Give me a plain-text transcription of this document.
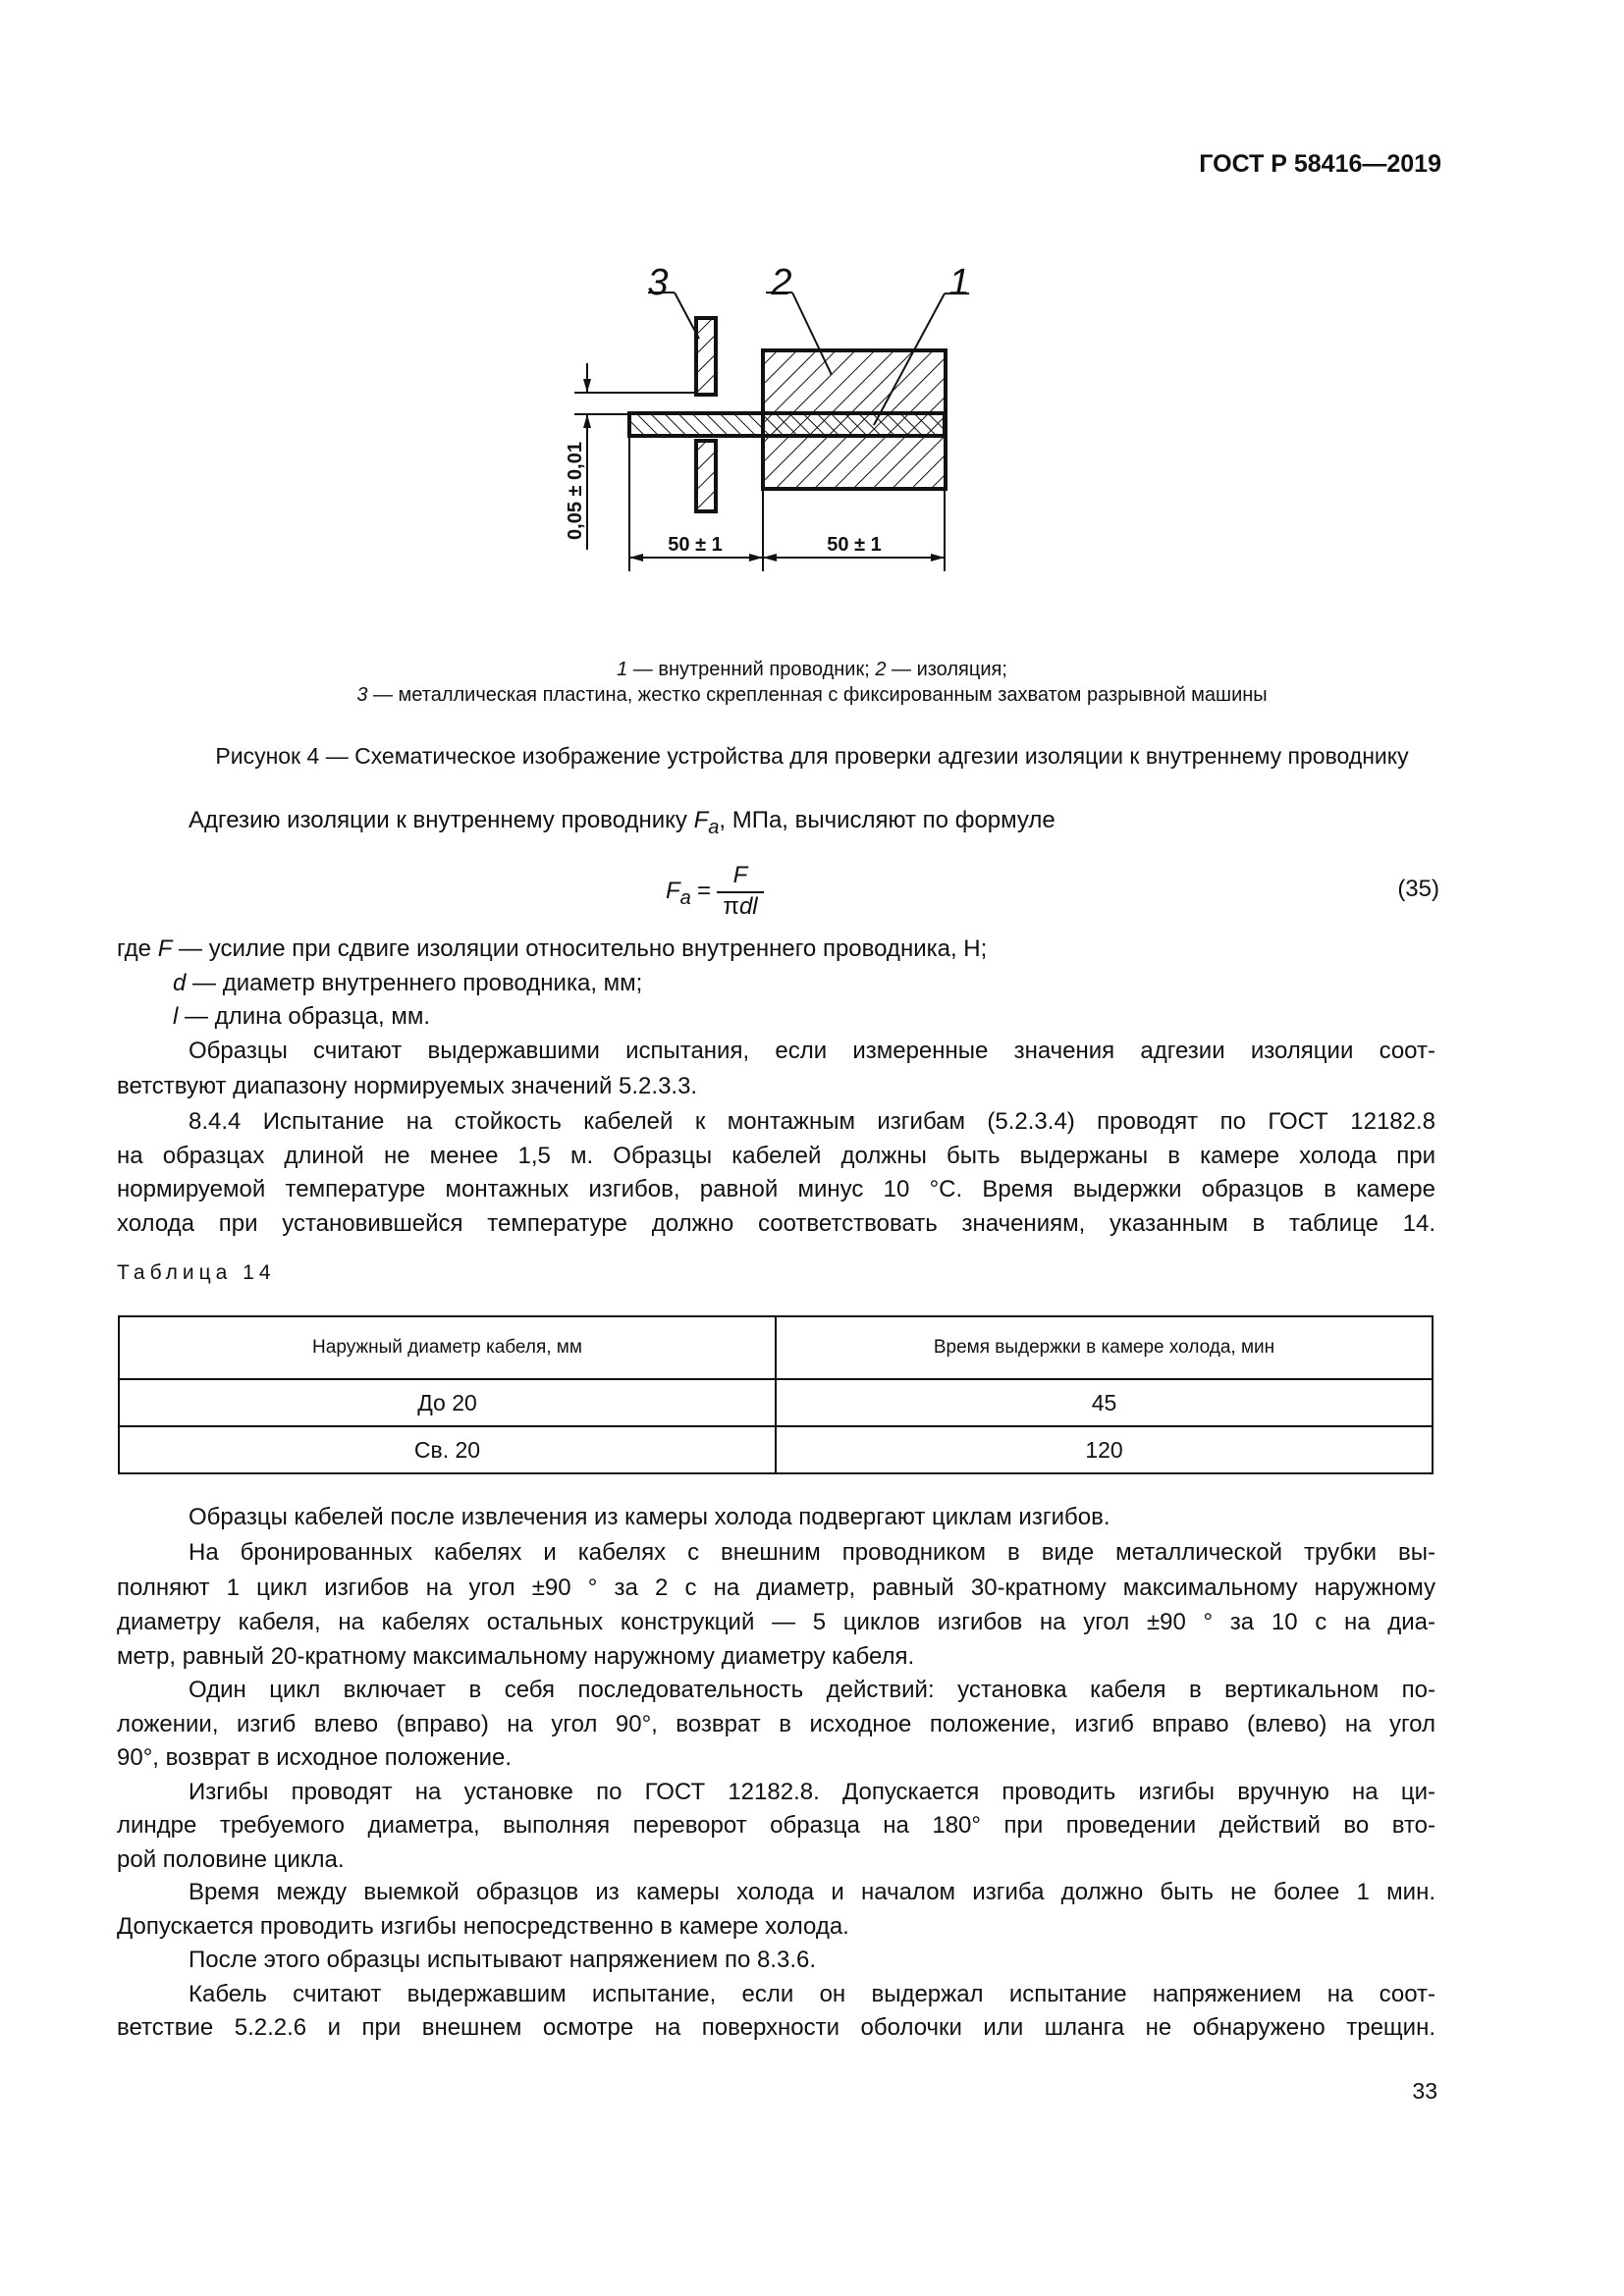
ГОСТ Р 58416—2019
3	2	1
50 ± 1	50 ± 1
0,05 ± 0,01
1 — внутренний проводник; 2 — изоляция;
3 — металлическая пластина, жестко скрепленная с фиксированным захватом разрывной машины
Рисунок 4 — Схематическое изображение устройства для проверки адгезии изоляции к внутреннему проводнику
Адгезию изоляции к внутреннему проводнику $F_a$, МПа, вычисляют по формуле
$F_a$ =
F
πdl
(35)
где F — усилие при сдвиге изоляции относительно внутреннего проводника, Н;
d — диаметр внутреннего проводника, мм;
l — длина образца, мм.
Образцы считают выдержавшими испытания, если измеренные значения адгезии изоляции соот-
ветствуют диапазону нормируемых значений 5.2.3.3.
8.4.4 Испытание на стойкость кабелей к монтажным изгибам (5.2.3.4) проводят по ГОСТ 12182.8
на образцах длиной не менее 1,5 м. Образцы кабелей должны быть выдержаны в камере холода при
нормируемой температуре монтажных изгибов, равной минус 10 °С. Время выдержки образцов в камере
холода при установившейся температуре должно соответствовать значениям, указанным в таблице 14.
Таблица 14
Наружный диаметр кабеля, мм	Время выдержки в камере холода, мин
До 20	45
Св. 20	120
Образцы кабелей после извлечения из камеры холода подвергают циклам изгибов.
На бронированных кабелях и кабелях с внешним проводником в виде металлической трубки вы-
полняют 1 цикл изгибов на угол ±90 ° за 2 с на диаметр, равный 30-кратному максимальному наружному
диаметру кабеля, на кабелях остальных конструкций — 5 циклов изгибов на угол ±90 ° за 10 с на диа-
метр, равный 20-кратному максимальному наружному диаметру кабеля.
Один цикл включает в себя последовательность действий: установка кабеля в вертикальном по-
ложении, изгиб влево (вправо) на угол 90°, возврат в исходное положение, изгиб вправо (влево) на угол
90°, возврат в исходное положение.
Изгибы проводят на установке по ГОСТ 12182.8. Допускается проводить изгибы вручную на ци-
линдре требуемого диаметра, выполняя переворот образца на 180° при проведении действий во вто-
рой половине цикла.
Время между выемкой образцов из камеры холода и началом изгиба должно быть не более 1 мин.
Допускается проводить изгибы непосредственно в камере холода.
После этого образцы испытывают напряжением по 8.3.6.
Кабель считают выдержавшим испытание, если он выдержал испытание напряжением на соот-
ветствие 5.2.2.6 и при внешнем осмотре на поверхности оболочки или шланга не обнаружено трещин.
33
